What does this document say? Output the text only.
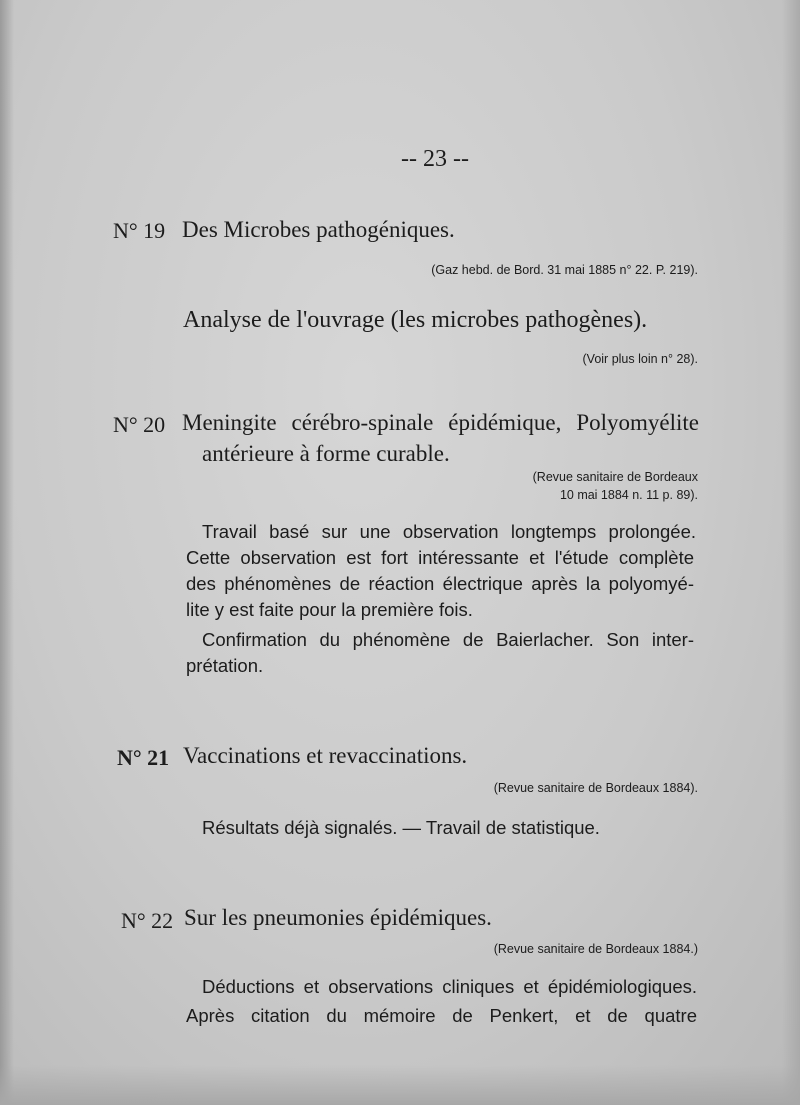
-- 23 --
N° 19 Des Microbes pathogéniques.
(Gaz hebd. de Bord. 31 mai 1885 n° 22. P. 219).
Analyse de l'ouvrage (les microbes pathogènes).
(Voir plus loin n° 28).
N° 20 Meningite cérébro-spinale épidémique, Polyomyélite
antérieure à forme curable.
(Revue sanitaire de Bordeaux
10 mai 1884 n. 11 p. 89).
Travail basé sur une observation longtemps prolongée.
Cette observation est fort intéressante et l'étude complète
des phénomènes de réaction électrique après la polyomyé-
lite y est faite pour la première fois.
Confirmation du phénomène de Baierlacher. Son inter-
prétation.
N° 21 Vaccinations et revaccinations.
(Revue sanitaire de Bordeaux 1884).
Résultats déjà signalés. — Travail de statistique.
N° 22 Sur les pneumonies épidémiques.
(Revue sanitaire de Bordeaux 1884.)
Déductions et observations cliniques et épidémiologiques.
Après citation du mémoire de Penkert, et de quatre
